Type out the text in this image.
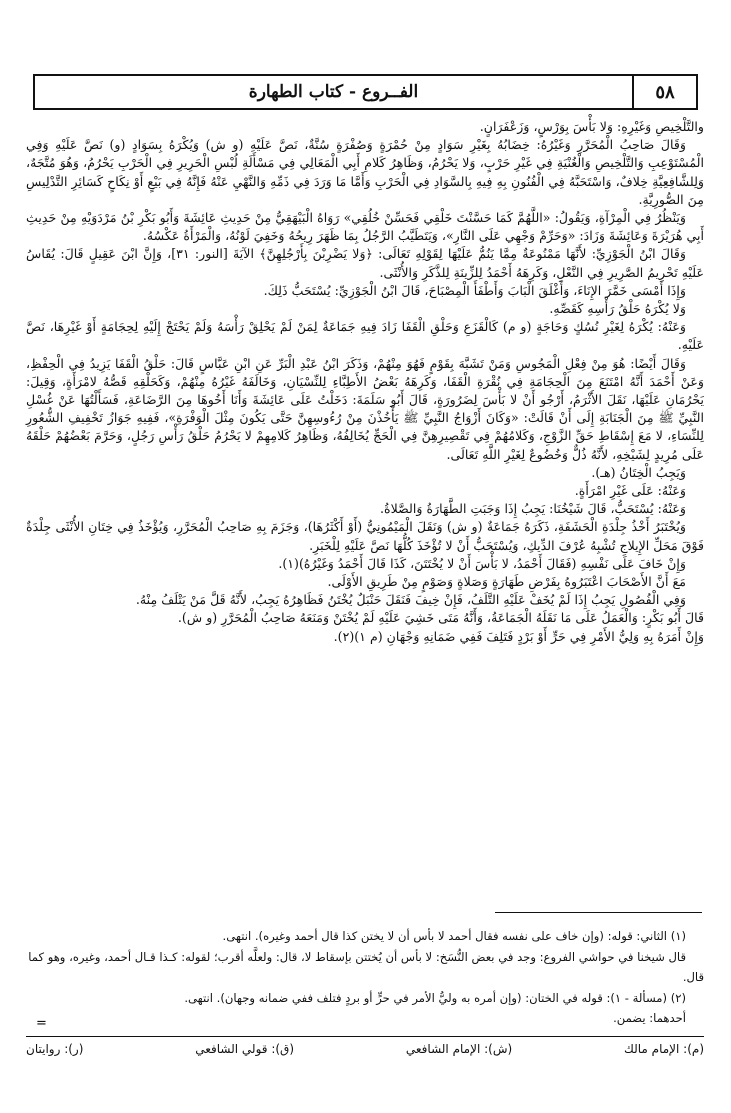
الفــروع - كتاب الطهارة	٥٨

والتَّلْخِيصِ وَغَيْرِهِ: وَلا بَأْسَ بِوَرْسٍ، وَزَعْفَرَانٍ.

وَقَالَ صَاحِبُ الْمُحَرَّرِ وَغَيْرُهُ: خِضَابُهُ بِغَيْرِ سَوَادٍ مِنْ حُمْرَةٍ وَصُفْرَةٍ سُنَّةٌ، نَصَّ عَلَيْهِ (و ش) وَيُكْرَهُ بِسَوَادٍ (و) نَصَّ عَلَيْهِ وَفِي الْمُسْتَوْعِبِ وَالتَّلْخِيصِ وَالْغُنْيَةِ فِي غَيْرِ حَرْبٍ، وَلا يَحْرُمُ، وَظَاهِرُ كَلامِ أَبِي الْمَعَالِي فِي مَسْأَلَةِ لُبْسِ الْحَرِيرِ فِي الْحَرْبِ يَحْرُمُ، وَهُوَ مُتَّجَهٌ، وَلِلشَّافِعِيَّةِ خِلافٌ، وَاسْتَحَبَّهُ فِي الْفُنُونِ بِهِ فِيهِ بِالسَّوَادِ فِي الْحَرْبِ وَأَمَّا مَا وَرَدَ فِي ذَمِّهِ وَالنَّهْيِ عَنْهُ فَإِنَّهُ فِي بَيْعٍ أَوْ نِكَاحٍ كَسَائِرِ التَّدْلِيسِ مِنَ الصُّورِيَّةِ.

وَيَنْظُرُ فِي الْمِرْآةِ، وَيَقُولُ: «اللَّهُمَّ كَمَا حَسَّنْتَ خَلْقِي فَحَسِّنْ خُلُقِي» رَوَاهُ الْبَيْهَقِيُّ مِنْ حَدِيثِ عَائِشَةَ وَأَبُو بَكْرِ بْنُ مَرْدَوَيْهِ مِنْ حَدِيثِ أَبِي هُرَيْرَةَ وَعَائِشَةَ وَزَادَ: «وَحَرِّمْ وَجْهِي عَلَى النَّارِ»، وَيَتَطَيَّبُ الرَّجُلُ بِمَا ظَهَرَ رِيحُهُ وَخَفِيَ لَوْنُهُ، وَالْمَرْأَةُ عَكْسُهُ.

وَقَالَ ابْنُ الْجَوْزِيِّ: لأَنَّهَا مَمْنُوعَةٌ مِمَّا يَنُمُّ عَلَيْهَا لِقَوْلِهِ تَعَالَى: ﴿وَلا يَضْرِبْنَ بِأَرْجُلِهِنَّ﴾ الآيَةَ [النور: ٣١]، وَإِنَّ ابْنَ عَقِيلٍ قَالَ: يُقَاسُ عَلَيْهِ تَحْرِيمُ الصَّرِيرِ فِي النَّعْلِ، وَكَرِهَهُ أَحْمَدُ لِلزِّينَةِ لِلذَّكَرِ وَالأُنْثَى.

وَإِذَا أَمْسَى خَمَّرَ الإِنَاءَ، وَأَغْلَقَ الْبَابَ وَأَطْفَأَ الْمِصْبَاحَ، قَالَ ابْنُ الْجَوْزِيِّ: يُسْتَحَبُّ ذَلِكَ.

وَلا يُكْرَهُ حَلْقُ رَأْسِهِ كَقَصِّهِ.

وَعَنْهُ: يُكْرَهُ لِغَيْرِ نُسُكٍ وَحَاجَةٍ (و م) كَالْقَزَعِ وَحَلْقِ الْقَفَا زَادَ فِيهِ جَمَاعَةٌ لِمَنْ لَمْ يَحْلِقْ رَأْسَهُ وَلَمْ يَحْتَجْ إِلَيْهِ لِحِجَامَةٍ أَوْ غَيْرِهَا، نَصَّ عَلَيْهِ.

وَقَالَ أَيْضًا: هُوَ مِنْ فِعْلِ الْمَجُوسِ وَمَنْ تَشَبَّهَ بِقَوْمٍ فَهُوَ مِنْهُمْ، وَذَكَرَ ابْنُ عَبْدِ الْبَرِّ عَنِ ابْنِ عَبَّاسٍ قَالَ: حَلْقُ الْقَفَا يَزِيدُ فِي الْحِفْظِ، وَعَنْ أَحْمَدَ أَنَّهُ امْتَنَعَ مِنَ الْحِجَامَةِ فِي نُقْرَةِ الْقَفَا، وَكَرِهَهُ بَعْضُ الأَطِبَّاءِ لِلنِّسْيَانِ، وَخَالَفَهُ غَيْرُهُ مِنْهُمْ، وَكَحَلْقِهِ قَصُّهُ لامْرَأَةٍ، وَقِيلَ: يَحْرُمَانِ عَلَيْهَا، نَقَلَ الأَثْرَمُ، أَرْجُو أَنْ لا بَأْسَ لِضَرُورَةٍ، قَالَ أَبُو سَلَمَةَ: دَخَلْتُ عَلَى عَائِشَةَ وَأَنَا أَخُوهَا مِنَ الرَّضَاعَةِ، فَسَأَلْتُهَا عَنْ غُسْلِ النَّبِيِّ ﷺ مِنَ الْجَنَابَةِ إِلَى أَنْ قَالَتْ: «وَكَانَ أَزْوَاجُ النَّبِيِّ ﷺ يَأْخُذْنَ مِنْ رُءُوسِهِنَّ حَتَّى يَكُونَ مِثْلَ الْوَفْرَةِ»، فَفِيهِ جَوَازُ تَخْفِيفِ الشُّعُورِ لِلنِّسَاءِ، لا مَعَ إِسْقَاطِ حَقِّ الزَّوْجِ، وَكَلامُهُمْ فِي تَقْصِيرِهِنَّ فِي الْحَجِّ يُخَالِفُهُ، وَظَاهِرُ كَلامِهِمْ لا يَحْرُمُ حَلْقُ رَأْسِ رَجُلٍ، وَحَرَّمَ بَعْضُهُمْ حَلْقَهُ عَلَى مُرِيدٍ لِشَيْخِهِ، لأَنَّهُ ذُلٌّ وَخُضُوعٌ لِغَيْرِ اللَّهِ تَعَالَى.

وَيَجِبُ الْخِتَانُ (هـ).

وَعَنْهُ: عَلَى غَيْرِ امْرَأَةٍ.

وَعَنْهُ: يُسْتَحَبُّ، قَالَ شَيْخُنَا: يَجِبُ إِذَا وَجَبَتِ الطَّهَارَةُ وَالصَّلاةُ.

وَيُخْتَبَرُ أَخْذُ جِلْدَةِ الْحَشَفَةِ، ذَكَرَهُ جَمَاعَةٌ (و ش) وَنَقَلَ الْمَيْمُونِيُّ (أَوْ أَكْثَرُهَا)، وَجَزَمَ بِهِ صَاحِبُ الْمُحَرَّرِ، وَيُؤْخَذُ فِي خِتَانِ الأُنْثَى جِلْدَةٌ فَوْقَ مَحَلِّ الإِيلاجِ تُشْبِهُ عُرْفَ الدِّيكِ، وَيُسْتَحَبُّ أَنْ لا تُؤْخَذَ كُلُّهَا نَصَّ عَلَيْهِ لِلْخَبَرِ.

وَإِنْ خَافَ عَلَى نَفْسِهِ (فَقَالَ أَحْمَدُ، لا بَأْسَ أَنْ لا يُخْتَتَنَ، كَذَا قَالَ أَحْمَدُ وَغَيْرُهُ)(١).

مَعَ أَنَّ الأَصْحَابَ اعْتَبَرُوهُ بِفَرْضِ طَهَارَةٍ وَصَلاةٍ وَصَوْمٍ مِنْ طَرِيقِ الأَوْلَى.

وَفِي الْفُصُولِ يَجِبُ إِذَا لَمْ يُخَفْ عَلَيْهِ التَّلَفُ، فَإِنْ خِيفَ فَنَقَلَ حَنْبَلٌ يُخْتَنُ فَظَاهِرُهُ يَجِبُ، لأَنَّهُ قَلَّ مَنْ يَتْلَفُ مِنْهُ.

قَالَ أَبُو بَكْرٍ: وَالْعَمَلُ عَلَى مَا نَقَلَهُ الْجَمَاعَةُ، وَأَنَّهُ مَتَى خَشِيَ عَلَيْهِ لَمْ يُخْتَنْ وَمَنَعَهُ صَاحِبُ الْمُحَرَّرِ (و ش).

وَإِنْ أَمَرَهُ بِهِ وَلِيُّ الأَمْرِ فِي حَرٍّ أَوْ بَرْدٍ فَتَلِفَ فَفِي ضَمَانِهِ وَجْهَانِ (م ١)(٢).

(١) الثاني: قوله: (وإن خاف على نفسه فقال أحمد لا بأس أن لا يختن كذا قال أحمد وغيره). انتهى.

قال شيخنا في حواشي الفروع: وجد في بعض النُّسَخ: لا بأس أن يُختتن بإسقاط لا، قال: ولعلَّه أقرب؛ لقوله: كـذا قـال أحمد، وغيره، وهو كما قال.

(٢) (مسألة - ١): قوله في الختان: (وإن أمره به وليُّ الأمر في حرٍّ أو بردٍ فتلف ففي ضمانه وجهان). انتهى.

أحدهما: يضمن.

=
(م): الإمام مالك
(ش): الإمام الشافعي
(ق): قولي الشافعي
(ر): روايتان
